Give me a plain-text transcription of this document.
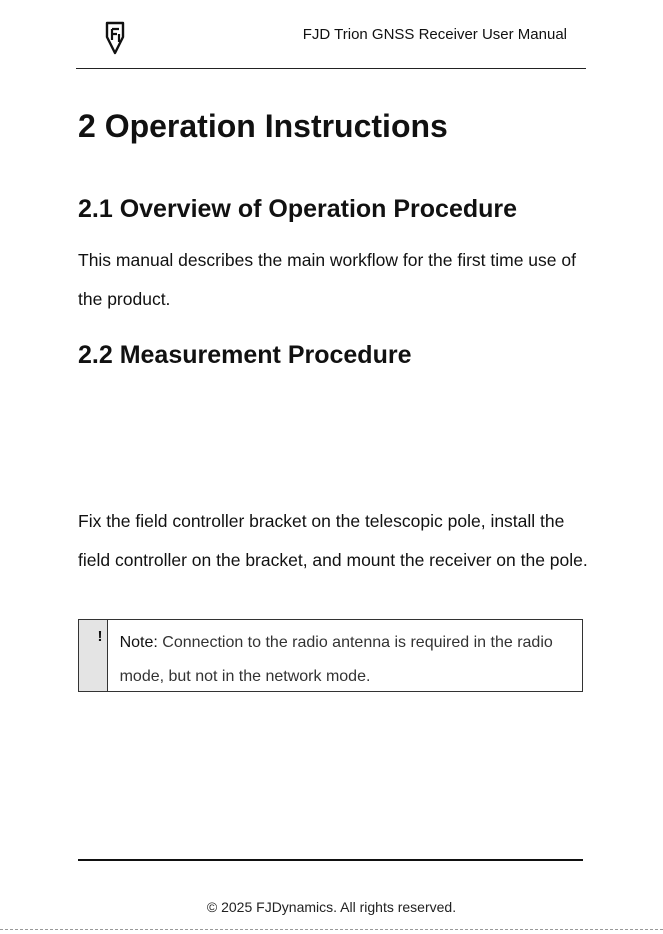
FJD Trion GNSS Receiver User Manual
2 Operation Instructions
2.1 Overview of Operation Procedure

This manual describes the main workflow for the first time use of the product.

2.2 Measurement Procedure

Fix the field controller bracket on the telescopic pole, install the field controller on the bracket, and mount the receiver on the pole.

!	Note: Connection to the radio antenna is required in the radio mode, but not in the network mode.
© 2025 FJDynamics. All rights reserved.
